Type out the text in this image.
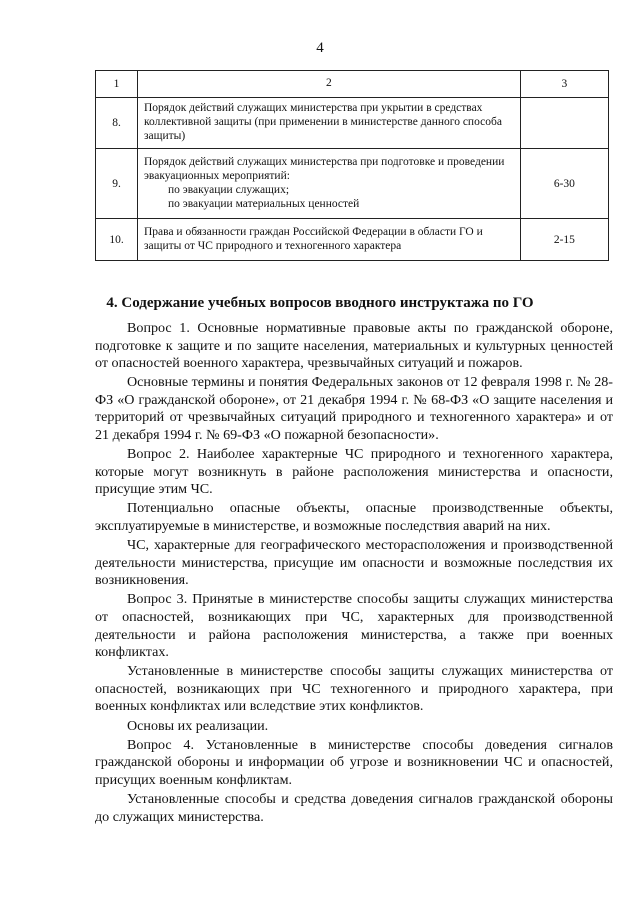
4
1	2	3
8.	Порядок действий служащих министерства при укрытии в средствах коллективной защиты (при применении в министерстве данного способа защиты)	

9.	Порядок действий служащих министерства при подготовке и проведении эвакуационных мероприятий:
по эвакуации служащих;
по эвакуации материальных ценностей	6-30
10.	Права и обязанности граждан Российской Федерации в области ГО и защиты от ЧС природного и техногенного характера	2-15
4. Содержание учебных вопросов вводного инструктажа по ГО

Вопрос 1. Основные нормативные правовые акты по гражданской обороне, подготовке к защите и по защите населения, материальных и культурных ценностей от опасностей военного характера, чрезвычайных ситуаций и пожаров.

Основные термины и понятия Федеральных законов от 12 февраля 1998 г. № 28-ФЗ «О гражданской обороне», от 21 декабря 1994 г. № 68-ФЗ «О защите населения и территорий от чрезвычайных ситуаций природного и техногенного характера» и от 21 декабря 1994 г. № 69-ФЗ «О пожарной безопасности».

Вопрос 2. Наиболее характерные ЧС природного и техногенного характера, которые могут возникнуть в районе расположения министерства и опасности, присущие этим ЧС.

Потенциально опасные объекты, опасные производственные объекты, эксплуатируемые в министерстве, и возможные последствия аварий на них.

ЧС, характерные для географического месторасположения и производственной деятельности министерства, присущие им опасности и возможные последствия их возникновения.

Вопрос 3. Принятые в министерстве способы защиты служащих министерства от опасностей, возникающих при ЧС, характерных для производственной деятельности и района расположения министерства, а также при военных конфликтах.

Установленные в министерстве способы защиты служащих министерства от опасностей, возникающих при ЧС техногенного и природного характера, при военных конфликтах или вследствие этих конфликтов.

Основы их реализации.

Вопрос 4. Установленные в министерстве способы доведения сигналов гражданской обороны и информации об угрозе и возникновении ЧС и опасностей, присущих военным конфликтам.

Установленные способы и средства доведения сигналов гражданской обороны до служащих министерства.
